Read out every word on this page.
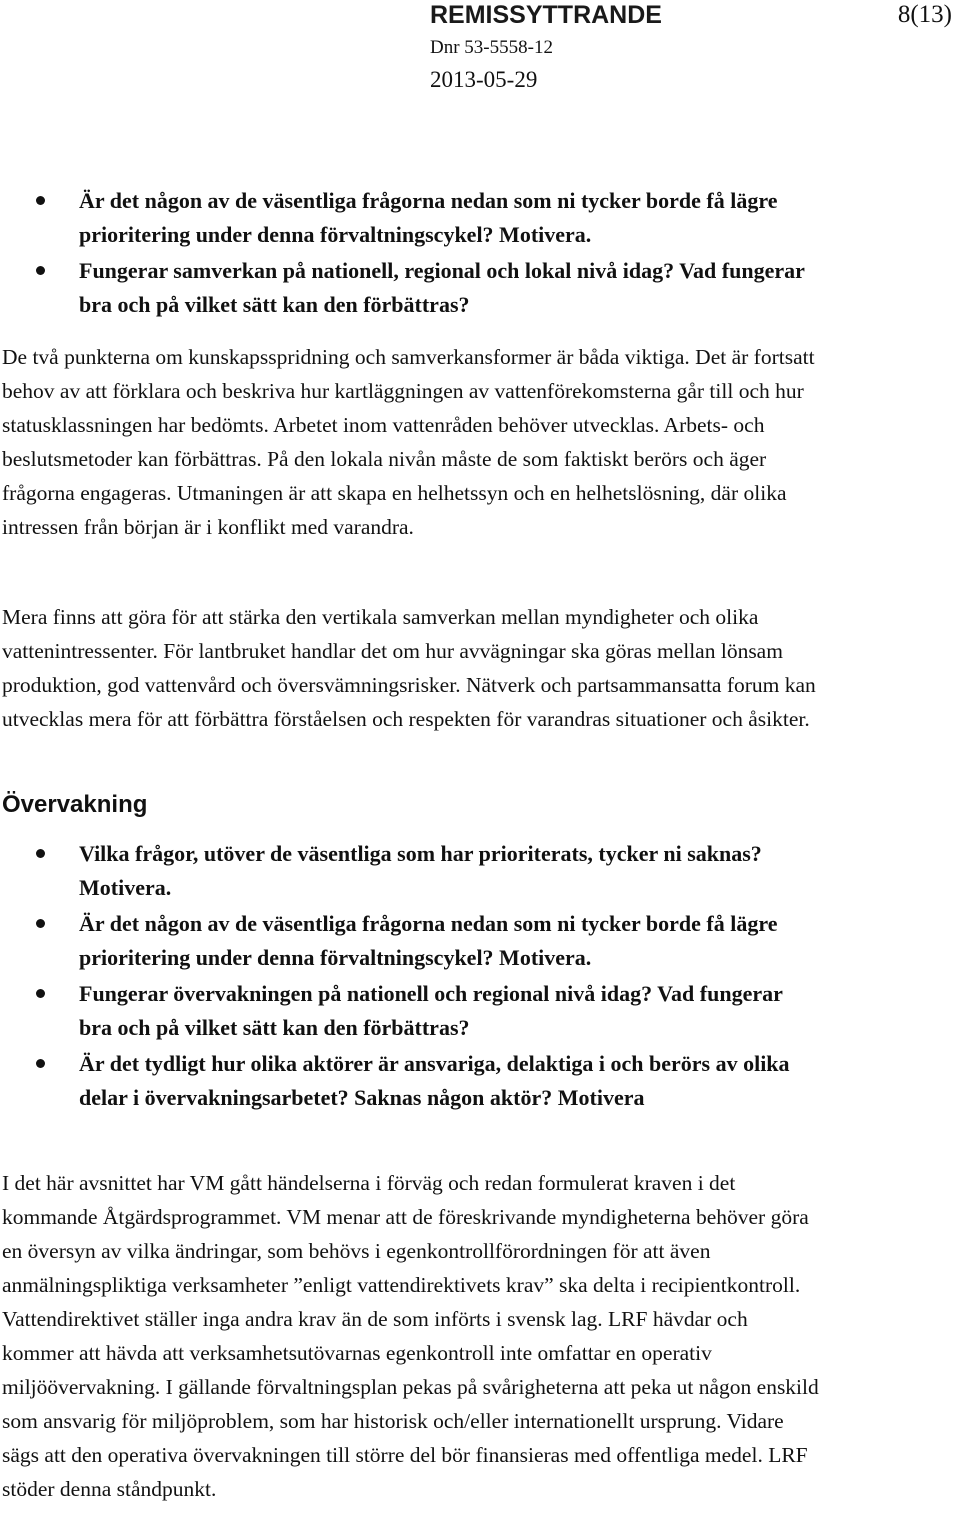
REMISSYTTRANDE	8(13)
Dnr 53-5558-12
2013-05-29
Är det någon av de väsentliga frågorna nedan som ni tycker borde få lägre prioritering under denna förvaltningscykel? Motivera.
Fungerar samverkan på nationell, regional och lokal nivå idag? Vad fungerar bra och på vilket sätt kan den förbättras?

De två punkterna om kunskapsspridning och samverkansformer är båda viktiga. Det är fortsatt behov av att förklara och beskriva hur kartläggningen av vattenförekomsterna går till och hur statusklassningen har bedömts. Arbetet inom vattenråden behöver utvecklas. Arbets- och beslutsmetoder kan förbättras. På den lokala nivån måste de som faktiskt berörs och äger frågorna engageras. Utmaningen är att skapa en helhetssyn och en helhetslösning, där olika intressen från början är i konflikt med varandra.

Mera finns att göra för att stärka den vertikala samverkan mellan myndigheter och olika vattenintressenter. För lantbruket handlar det om hur avvägningar ska göras mellan lönsam produktion, god vattenvård och översvämningsrisker. Nätverk och partsammansatta forum kan utvecklas mera för att förbättra förståelsen och respekten för varandras situationer och åsikter.

Övervakning
Vilka frågor, utöver de väsentliga som har prioriterats, tycker ni saknas? Motivera.
Är det någon av de väsentliga frågorna nedan som ni tycker borde få lägre prioritering under denna förvaltningscykel? Motivera.
Fungerar övervakningen på nationell och regional nivå idag? Vad fungerar bra och på vilket sätt kan den förbättras?
Är det tydligt hur olika aktörer är ansvariga, delaktiga i och berörs av olika delar i övervakningsarbetet? Saknas någon aktör? Motivera

I det här avsnittet har VM gått händelserna i förväg och redan formulerat kraven i det kommande Åtgärdsprogrammet. VM menar att de föreskrivande myndigheterna behöver göra en översyn av vilka ändringar, som behövs i egenkontrollförordningen för att även anmälningspliktiga verksamheter ”enligt vattendirektivets krav” ska delta i recipientkontroll. Vattendirektivet ställer inga andra krav än de som införts i svensk lag. LRF hävdar och kommer att hävda att verksamhetsutövarnas egenkontroll inte omfattar en operativ miljöövervakning. I gällande förvaltningsplan pekas på svårigheterna att peka ut någon enskild som ansvarig för miljöproblem, som har historisk och/eller internationellt ursprung. Vidare sägs att den operativa övervakningen till större del bör finansieras med offentliga medel. LRF stöder denna ståndpunkt.
